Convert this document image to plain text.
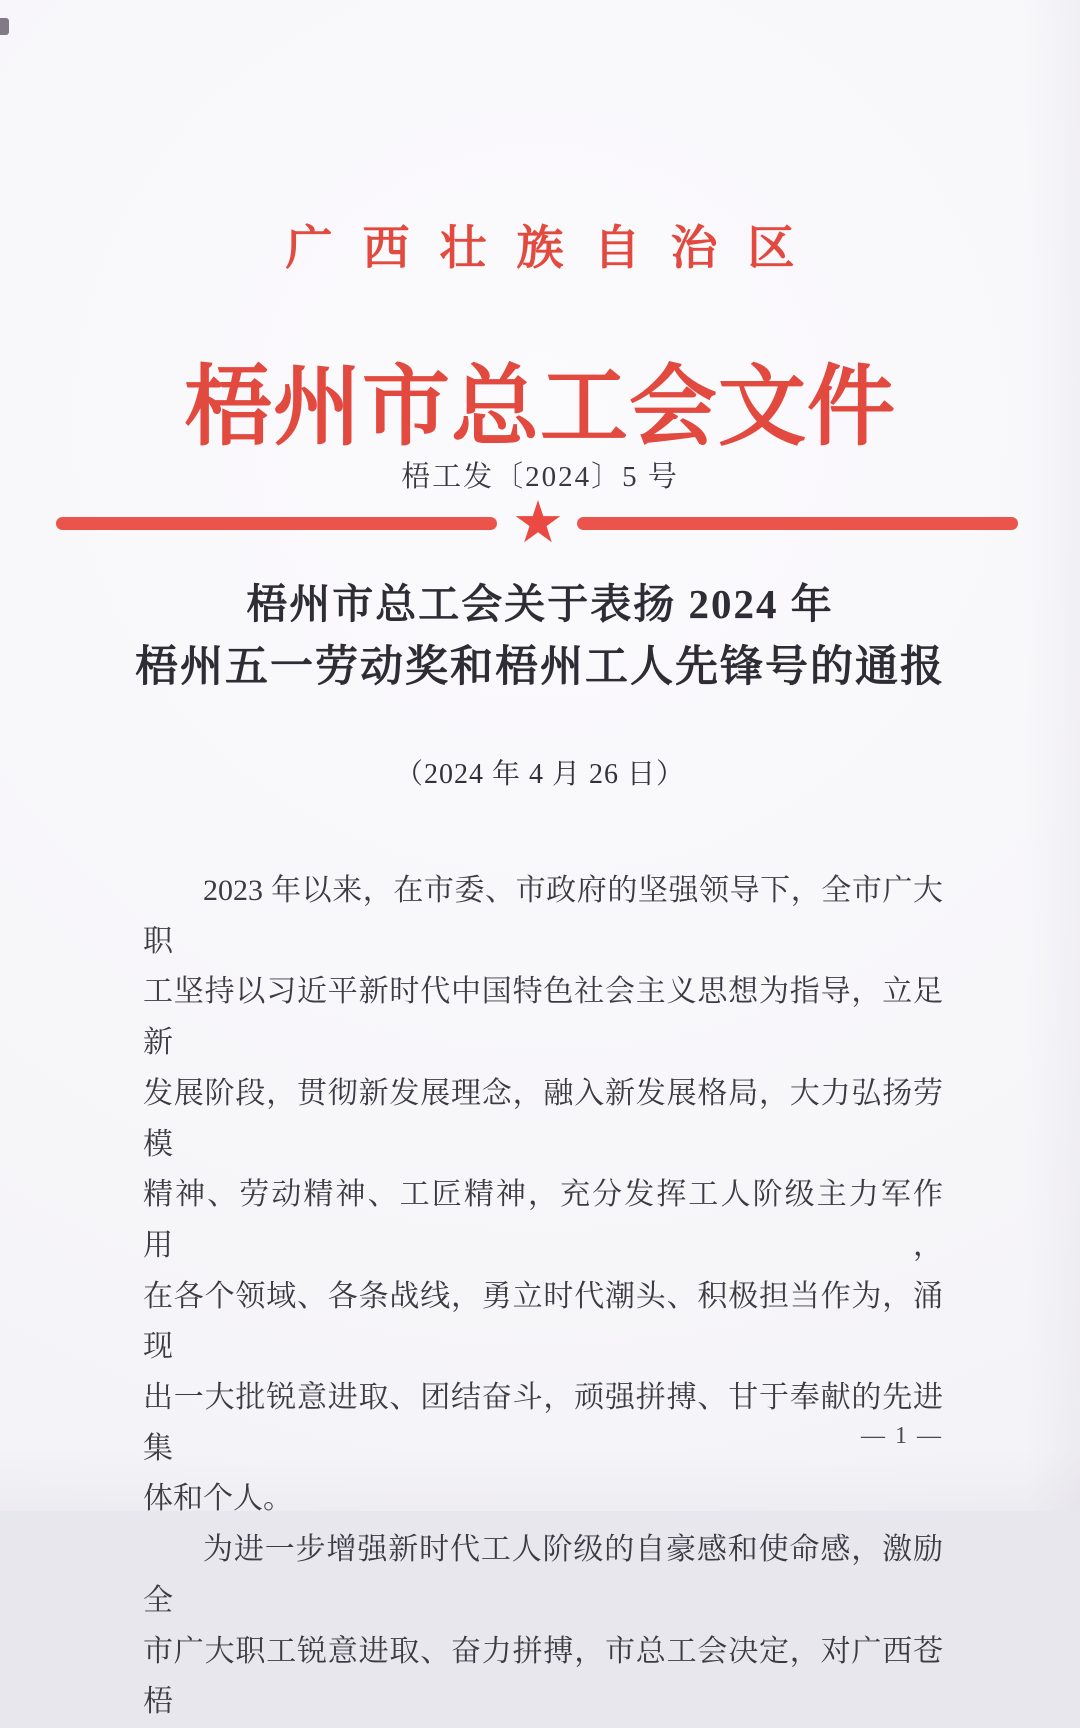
广西壮族自治区
梧州市总工会文件
梧工发〔2024〕5 号
★
梧州市总工会关于表扬 2024 年
梧州五一劳动奖和梧州工人先锋号的通报
（2024 年 4 月 26 日）
2023 年以来，在市委、市政府的坚强领导下，全市广大职
工坚持以习近平新时代中国特色社会主义思想为指导，立足新
发展阶段，贯彻新发展理念，融入新发展格局，大力弘扬劳模
精神、劳动精神、工匠精神，充分发挥工人阶级主力军作用，
在各个领域、各条战线，勇立时代潮头、积极担当作为，涌现
出一大批锐意进取、团结奋斗，顽强拼搏、甘于奉献的先进集
体和个人。
为进一步增强新时代工人阶级的自豪感和使命感，激励全
市广大职工锐意进取、奋力拼搏，市总工会决定，对广西苍梧
— 1 —
